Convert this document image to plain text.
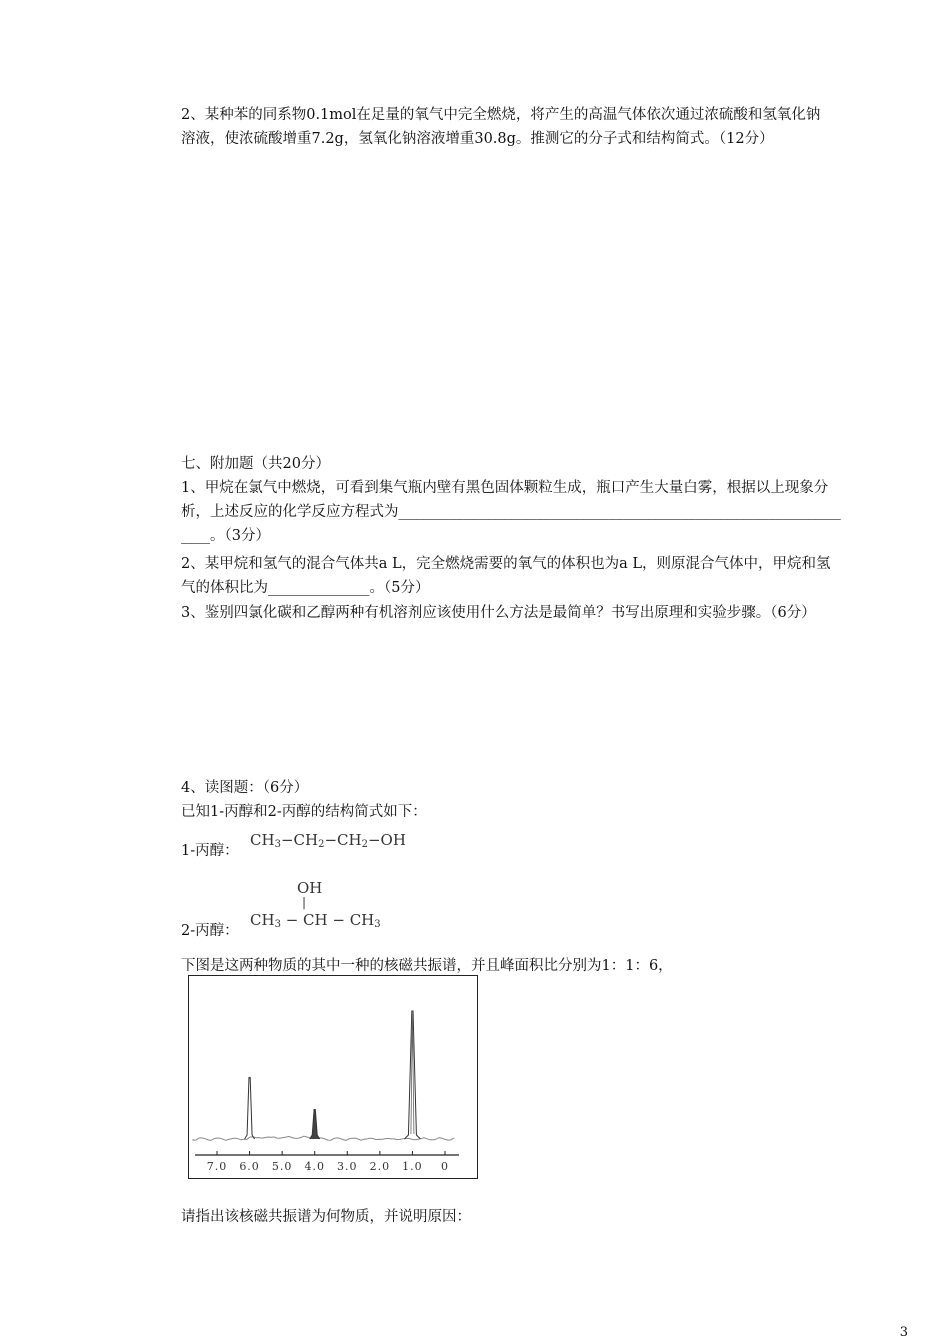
2、某种苯的同系物0.1mol在足量的氧气中完全燃烧，将产生的高温气体依次通过浓硫酸和氢氧化钠
溶液，使浓硫酸增重7.2g，氢氧化钠溶液增重30.8g。推测它的分子式和结构简式。（12分）
七、附加题（共20分）
1、甲烷在氯气中燃烧，可看到集气瓶内壁有黑色固体颗粒生成，瓶口产生大量白雾，根据以上现象分
析，上述反应的化学反应方程式为_____________________________________________________________
____。（3分）
2、某甲烷和氢气的混合气体共a L，完全燃烧需要的氧气的体积也为a L，则原混合气体中，甲烷和氢
气的体积比为______________。（5分）
3、鉴别四氯化碳和乙醇两种有机溶剂应该使用什么方法是最简单？书写出原理和实验步骤。（6分）
4、读图题：（6分）
已知1-丙醇和2-丙醇的结构简式如下：
1-丙醇：
$CH_3-CH_2-CH_2-OH$
OH
|
2-丙醇：
$CH_3$ − CH − $CH_3$
下图是这两种物质的其中一种的核磁共振谱，并且峰面积比分别为1：1：6，
7.0 6.0 5.0 4.0 3.0 2.0 1.0 0
请指出该核磁共振谱为何物质，并说明原因：
3
